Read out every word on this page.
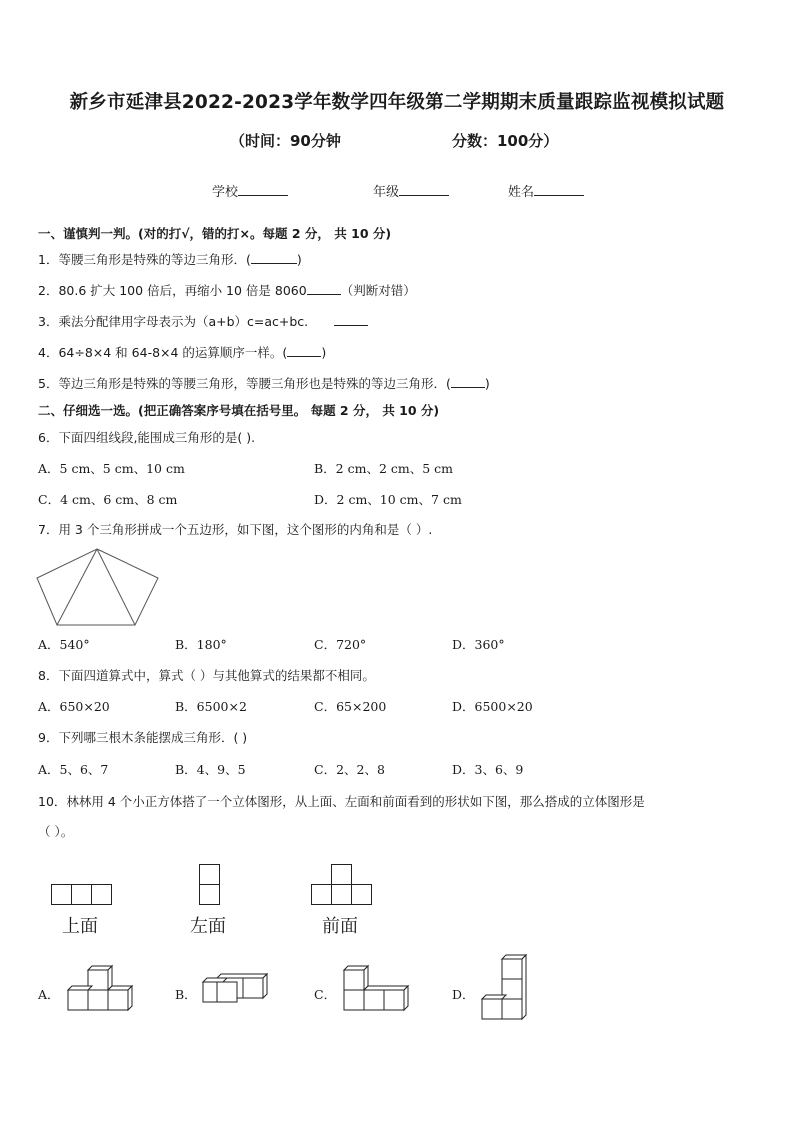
新乡市延津县2022-2023学年数学四年级第二学期期末质量跟踪监视模拟试题
（时间：90分钟	分数：100分）
学校	年级	姓名
一、谨慎判一判。(对的打√，错的打×。每题 2 分， 共 10 分)
1．等腰三角形是特殊的等边三角形．(	)
2．80.6 扩大 100 倍后，再缩小 10 倍是 8060	（判断对错）
3．乘法分配律用字母表示为（a+b）c=ac+bc.
4．64÷8×4 和 64-8×4 的运算顺序一样。(	)
5．等边三角形是特殊的等腰三角形，等腰三角形也是特殊的等边三角形．(	)
二、仔细选一选。(把正确答案序号填在括号里。 每题 2 分， 共 10 分)
6．下面四组线段,能围成三角形的是( ).
A．5 cm、5 cm、10 cm	B．2 cm、2 cm、5 cm
C．4 cm、6 cm、8 cm	D．2 cm、10 cm、7 cm
7．用 3 个三角形拼成一个五边形，如下图，这个图形的内角和是（ ）.
A．540°	B．180°	C．720°	D．360°
8．下面四道算式中，算式（ ）与其他算式的结果都不相同。
A．650×20	B．6500×2	C．65×200	D．6500×20
9．下列哪三根木条能摆成三角形．( )
A．5、6、7	B．4、9、5	C．2、2、8	D．3、6、9
10．林林用 4 个小正方体搭了一个立体图形，从上面、左面和前面看到的形状如下图，那么搭成的立体图形是
（ ）。
上面	左面	前面
A．	B．	C．	D．
